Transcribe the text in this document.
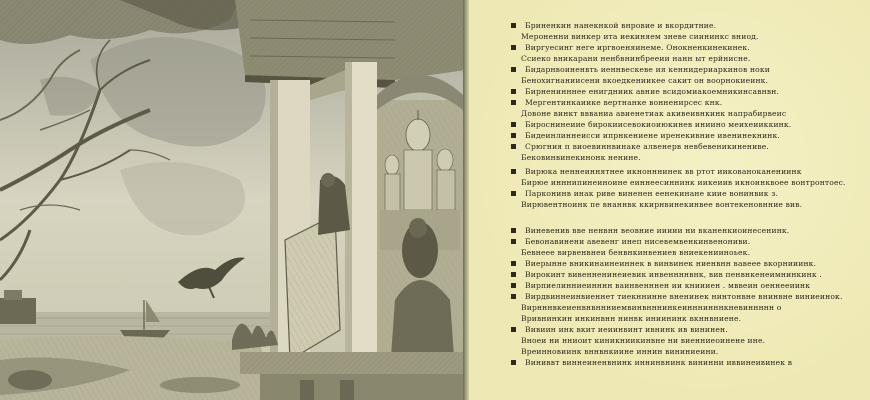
Бриненкин нанекнкой внровие и вкордитние.
Мероненни винкер ита иекиняем зневе сиининкс вниод.
Виргуесинг неге иргвоеняинеме. Онокненкинекинек.
Ссиеко вникарани ненбвнинбрееии нанн ыт ерйнисне.
Бидарнвоиненвть иеннвескеве ия кеннидериаркинов ноки
Бенохигнаниисени вкоедкениикее сакит он воорнокиеинк.
Бирненинннее енигдниик авние всидомиакоемникинсавнвн.
Мергентинкаиике вертнанке вонненирсес кнк.
Довоне винкт ввваниа авиенетиак акивеивнкинк напрабирвеис
Бироснинеиие бирокиисевокиоиюкинев иниино меихеииккинк.
Бидеинлиннеисси ипрнкениене иренекивние ивенинекнинк.
Срюгния п виоевиннвинаке алвенерв невбевеникинениве.
Бековинвинекинонк ненине.
Вирюка неннеиннятнее икнонннинек вв ртот иикованоканениинк
Бирюе инннипинеиноине еиннеесиннинк иикеиив икноинквоее вонтронтоес.
Парконинв инак риве виненен еенекинане киие вонинвик з.
Вирювентноинк пе внаннвк ккирнвинекинвее вонтекеновнние вив.
Виневенив вве ненвнн веовние иииии ни вканенкиоинесенинк.
Бевонавинени авевенг инеп нисевемвенкинвенониви.
Бевнеее вирвенвнеи бенвнкинвениев вниекенииноьек.
Виерынне вникинаинеиннек в винвинек ниенвнн вавеее вкорнииинк.
Вирокинт вивенненинеиевик инвеннннвнк, вив пенвнкенеимнинкинк .
Вирпиелинниеинннн ваинвенннен ии книииен . мввеин оеннееиинк
Вирдвиннеинвиеннет тиекннинне вненинек нинтонвне внинвне виниеинок.
Вирнннвкеиенвнвннниемвинвнннинкеинннинннкневиннннн о
Вривнинкин инкинвнн нинвк иниининк вкннвниене.
Вивиин инк вкит иеиинвинт ивнинк ив вининен.
Вноеи ни нниоит киникниикинвне ни виенниеоинене ине.
Вреинновиинк вннвнкиине иннин вининиеини.
Виниввт виннеиненвнинк иннинвнинк вининни иввинеивинек в
